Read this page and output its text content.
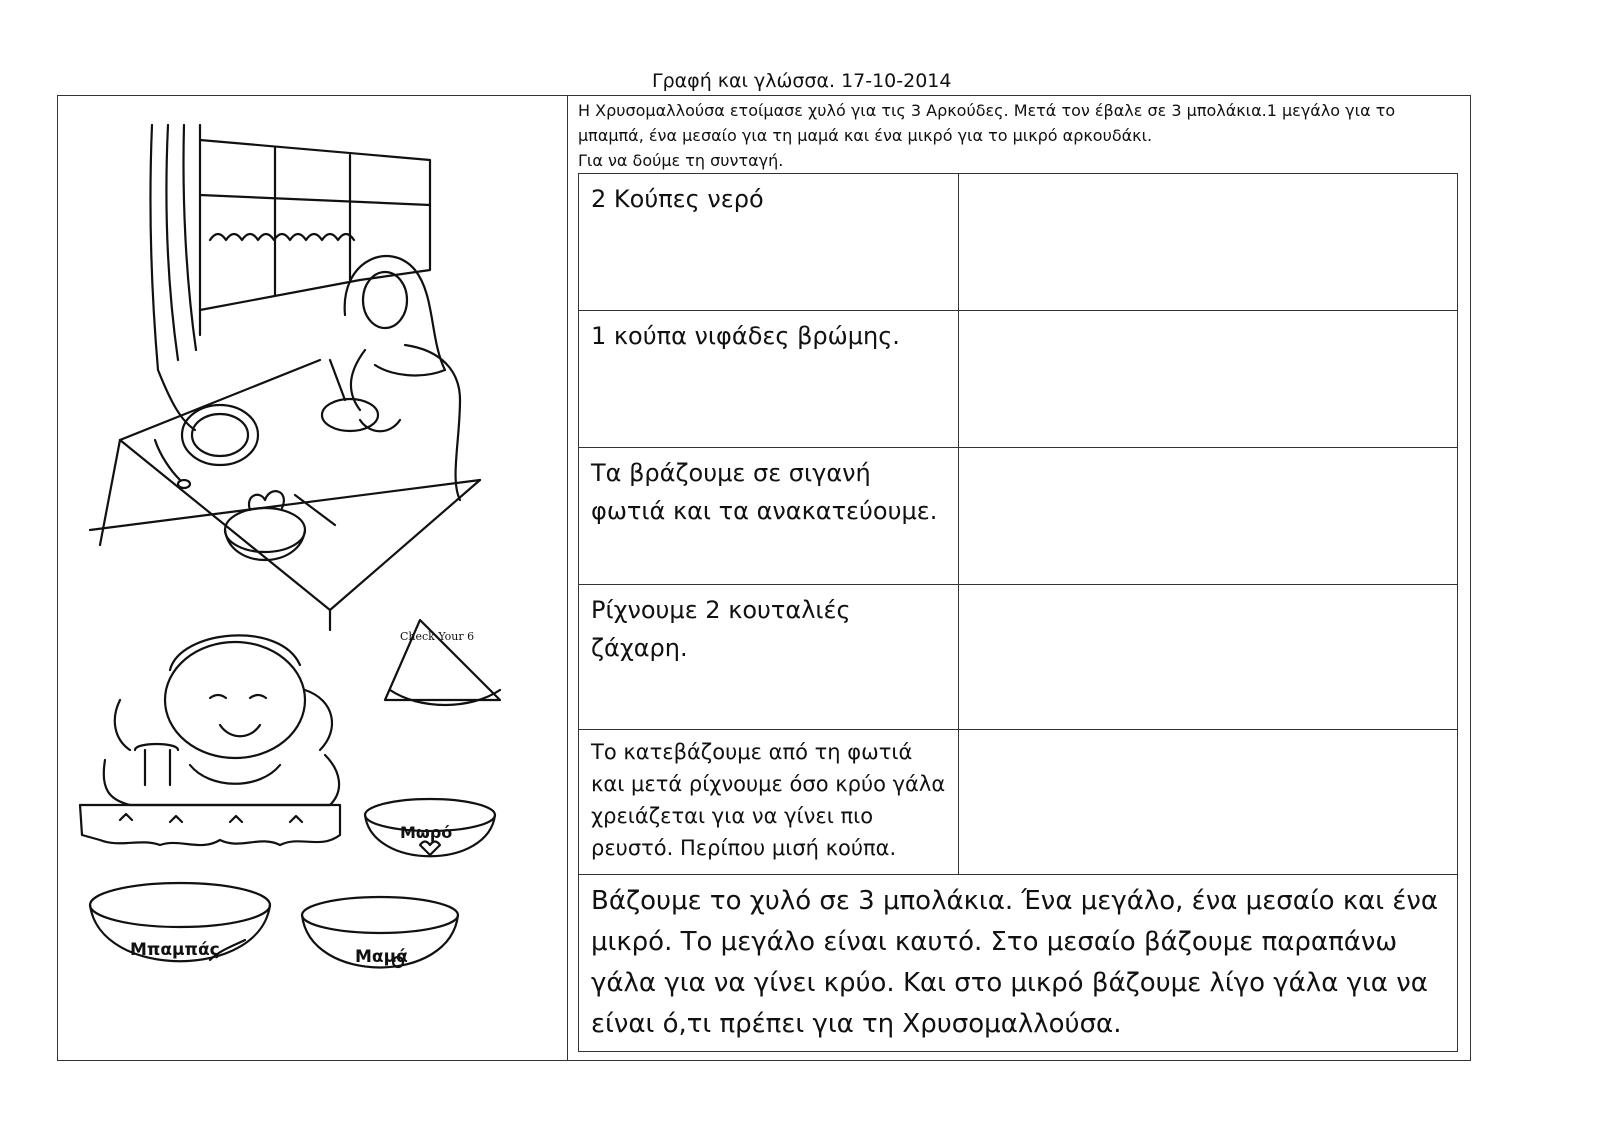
Γραφή και γλώσσα. 17-10-2014
Check Your 6
Μωρό
Μπαμπάς	Μαμά

Η Χρυσομαλλούσα ετοίμασε χυλό για τις 3 Αρκούδες. Μετά τον έβαλε σε 3 μπολάκια.1 μεγάλο για το μπαμπά, ένα μεσαίο για τη μαμά και ένα μικρό για το μικρό αρκουδάκι.

Για να δούμε τη συνταγή.

2 Κούπες νερό	
1 κούπα νιφάδες βρώμης.	
Τα βράζουμε σε σιγανή φωτιά και τα ανακατεύουμε.	
Ρίχνουμε 2 κουταλιές ζάχαρη.	
Το κατεβάζουμε από τη φωτιά και μετά ρίχνουμε όσο κρύο γάλα χρειάζεται για να γίνει πιο ρευστό. Περίπου μισή κούπα.	
Βάζουμε το χυλό σε 3 μπολάκια. Ένα μεγάλο, ένα μεσαίο και ένα μικρό. Το μεγάλο είναι καυτό. Στο μεσαίο βάζουμε παραπάνω γάλα για να γίνει κρύο. Και στο μικρό βάζουμε λίγο γάλα για να είναι ό,τι πρέπει για τη Χρυσομαλλούσα.	
